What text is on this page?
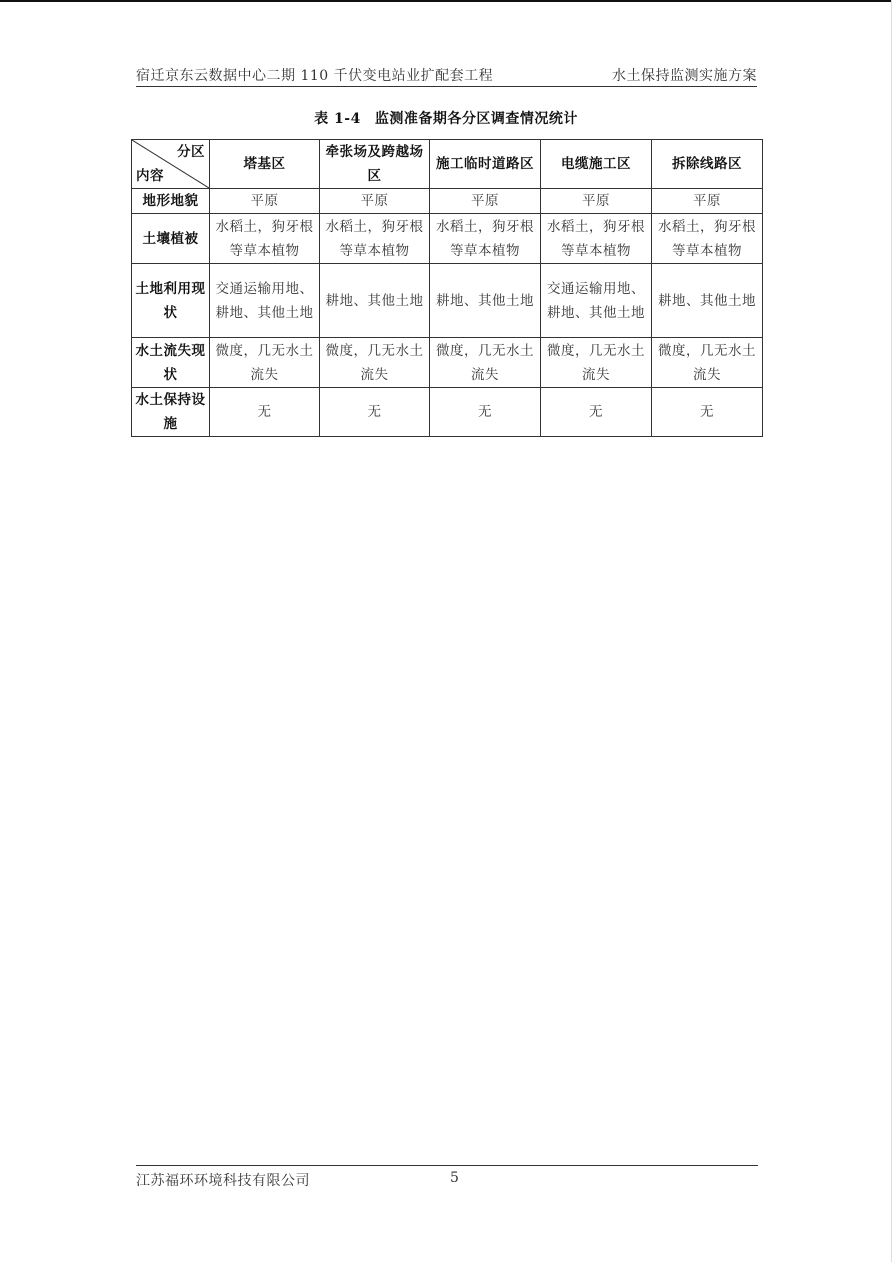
宿迁京东云数据中心二期 110 千伏变电站业扩配套工程	水土保持监测实施方案
表 1-4 监测准备期各分区调查情况统计
分区
内容	塔基区	牵张场及跨越场区	施工临时道路区	电缆施工区	拆除线路区
地形地貌	平原	平原	平原	平原	平原
土壤植被	水稻土，狗牙根等草本植物	水稻土，狗牙根等草本植物	水稻土，狗牙根等草本植物	水稻土，狗牙根等草本植物	水稻土，狗牙根等草本植物
土地利用现状	交通运输用地、耕地、其他土地	耕地、其他土地	耕地、其他土地	交通运输用地、耕地、其他土地	耕地、其他土地
水土流失现状	微度，几无水土流失	微度，几无水土流失	微度，几无水土流失	微度，几无水土流失	微度，几无水土流失
水土保持设施	无	无	无	无	无
江苏福环环境科技有限公司	5
